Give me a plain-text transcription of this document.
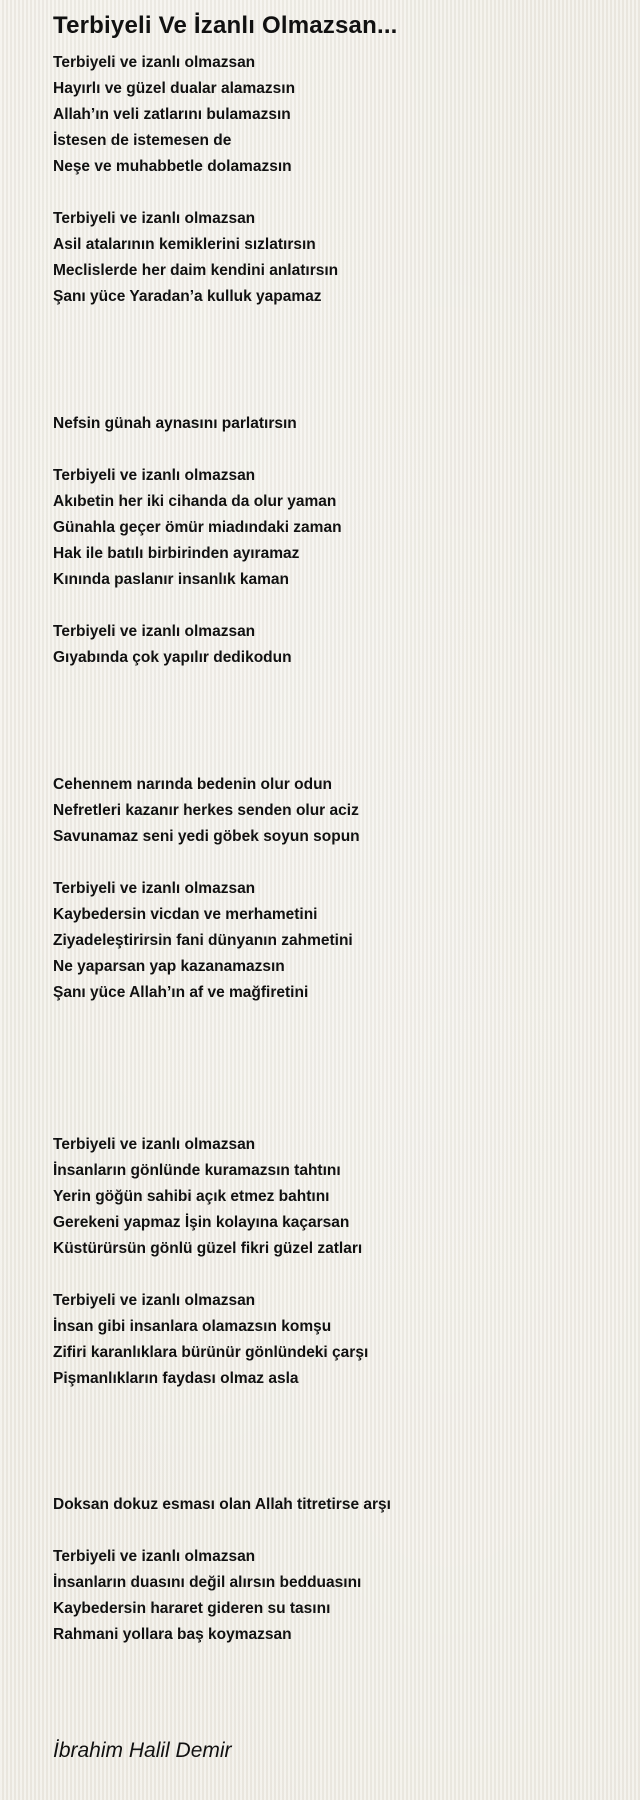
Terbiyeli Ve İzanlı Olmazsan...
Terbiyeli ve izanlı olmazsan
Hayırlı ve güzel dualar alamazsın
Allah’ın veli zatlarını bulamazsın
İstesen de istemesen de
Neşe ve muhabbetle dolamazsın
Terbiyeli ve izanlı olmazsan
Asil atalarının kemiklerini sızlatırsın
Meclislerde her daim kendini anlatırsın
Şanı yüce Yaradan’a kulluk yapamaz
Nefsin günah aynasını parlatırsın
Terbiyeli ve izanlı olmazsan
Akıbetin her iki cihanda da olur yaman
Günahla geçer ömür miadındaki zaman
Hak ile batılı birbirinden ayıramaz
Kınında paslanır insanlık kaman
Terbiyeli ve izanlı olmazsan
Gıyabında çok yapılır dedikodun
Cehennem narında bedenin olur odun
Nefretleri kazanır herkes senden olur aciz
Savunamaz seni yedi göbek soyun sopun
Terbiyeli ve izanlı olmazsan
Kaybedersin vicdan ve merhametini
Ziyadeleştirirsin fani dünyanın zahmetini
Ne yaparsan yap kazanamazsın
Şanı yüce Allah’ın af ve mağfiretini
Terbiyeli ve izanlı olmazsan
İnsanların gönlünde kuramazsın tahtını
Yerin göğün sahibi açık etmez bahtını
Gerekeni yapmaz İşin kolayına kaçarsan
Küstürürsün gönlü güzel fikri güzel zatları
Terbiyeli ve izanlı olmazsan
İnsan gibi insanlara olamazsın komşu
Zifiri karanlıklara bürünür gönlündeki çarşı
Pişmanlıkların faydası olmaz asla
Doksan dokuz esması olan Allah titretirse arşı
Terbiyeli ve izanlı olmazsan
İnsanların duasını değil alırsın bedduasını
Kaybedersin hararet gideren su tasını
Rahmani yollara baş koymazsan

İbrahim Halil Demir
